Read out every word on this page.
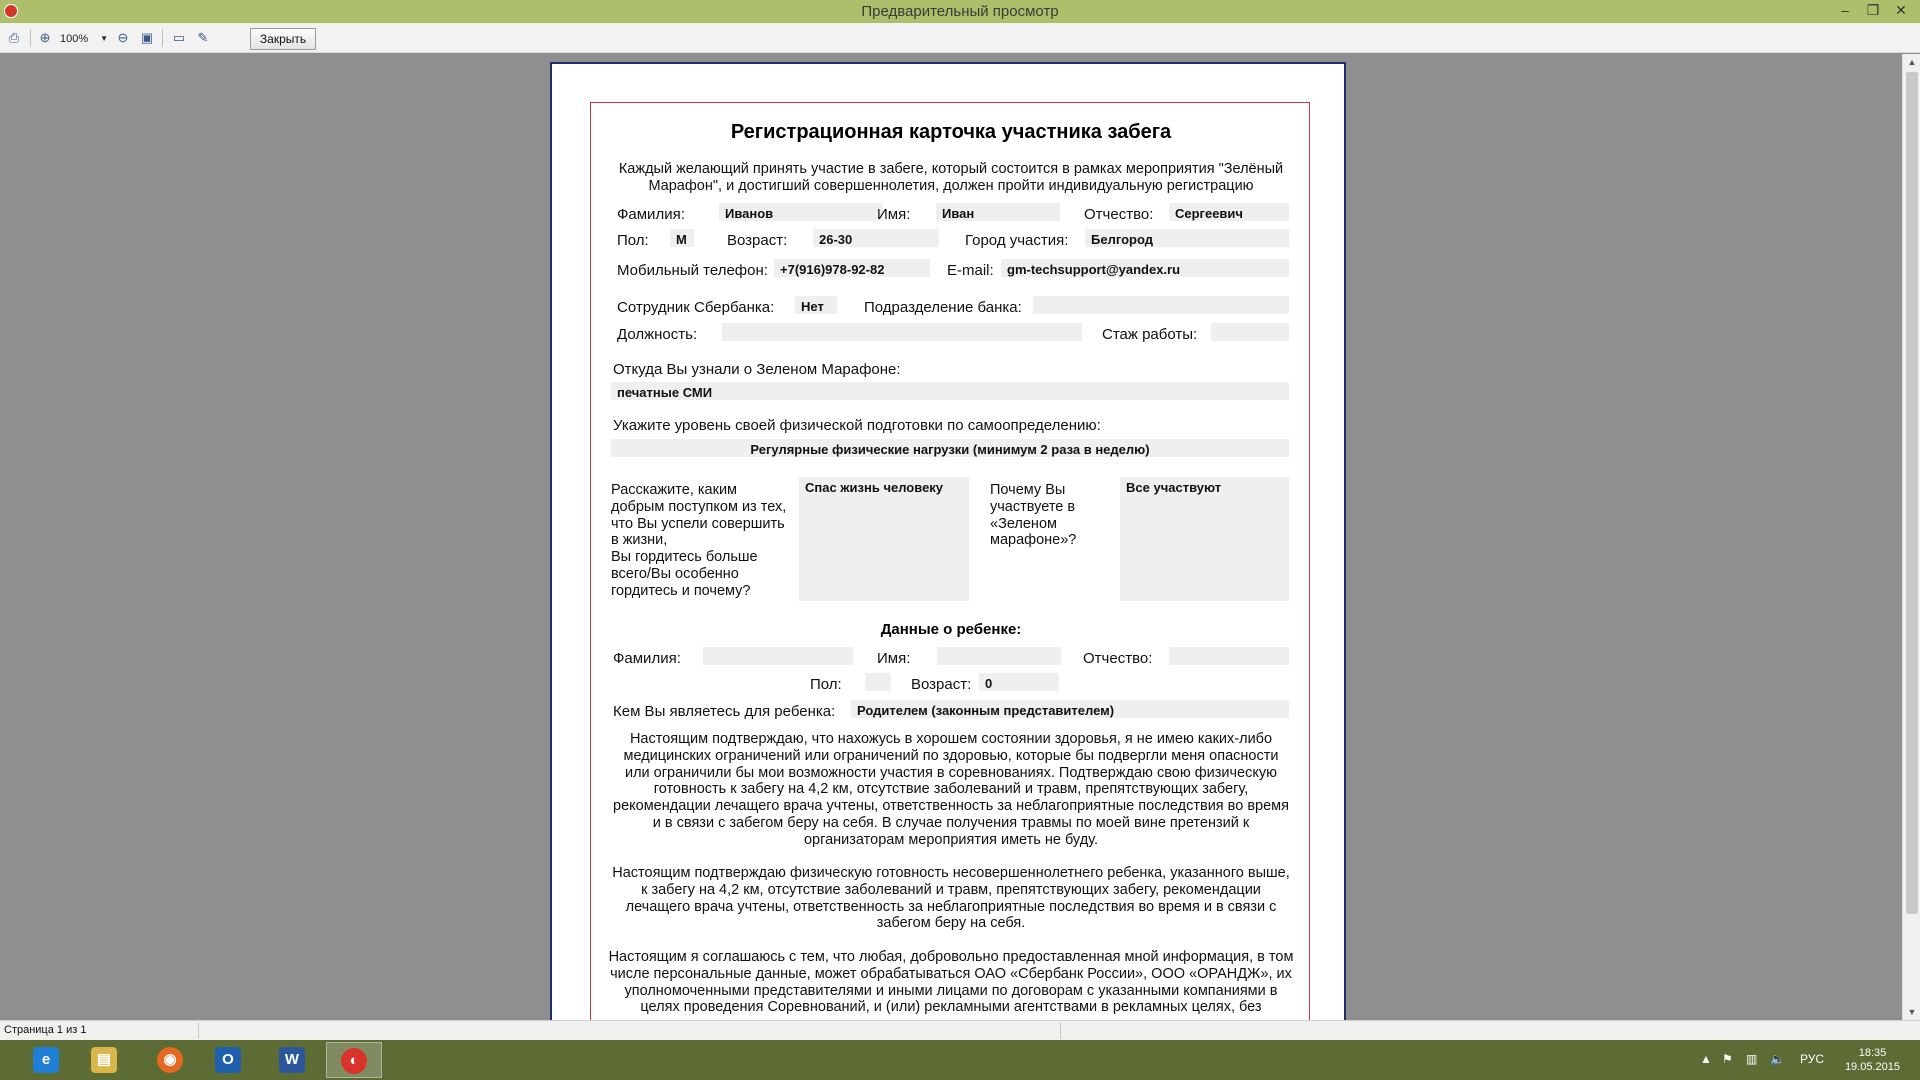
Предварительный просмотр	–	❐	✕
⎙ ⊕ 100% ▼ ⊖ ▣ ▭ ✎	Закрыть
Регистрационная карточка участника забега
Каждый желающий принять участие в забеге, который состоится в рамках мероприятия "Зелёный
Марафон", и достигший совершеннолетия, должен пройти индивидуальную регистрацию
Фамилия:	Иванов	Имя:	Иван	Отчество:	Сергеевич
Пол:	М	Возраст:	26-30	Город участия:	Белгород
Мобильный телефон: +7(916)978-92-82	E-mail:	gm-techsupport@yandex.ru
Сотрудник Сбербанка:	Нет	Подразделение банка:
Должность:	Стаж работы:
Откуда Вы узнали о Зеленом Марафоне:
печатные СМИ
Укажите уровень своей физической подготовки по самоопределению:
Регулярные физические нагрузки (минимум 2 раза в неделю)
Расскажите, каким
добрым поступком из тех,
что Вы успели совершить
в жизни,
Вы гордитесь больше
всего/Вы особенно
гордитесь и почему?
Спас жизнь человеку	Почему Вы
участвуете в
«Зеленом
марафоне»?
Все участвуют
Данные о ребенке:
Фамилия:	Имя:	Отчество:
Пол:	Возраст:	0
Кем Вы являетесь для ребенка:	Родителем (законным представителем)
Настоящим подтверждаю, что нахожусь в хорошем состоянии здоровья, я не имею каких-либо
медицинских ограничений или ограничений по здоровью, которые бы подвергли меня опасности
или ограничили бы мои возможности участия в соревнованиях. Подтверждаю свою физическую
готовность к забегу на 4,2 км, отсутствие заболеваний и травм, препятствующих забегу,
рекомендации лечащего врача учтены, ответственность за неблагоприятные последствия во время
и в связи с забегом беру на себя. В случае получения травмы по моей вине претензий к
организаторам мероприятия иметь не буду.
Настоящим подтверждаю физическую готовность несовершеннолетнего ребенка, указанного выше,
к забегу на 4,2 км, отсутствие заболеваний и травм, препятствующих забегу, рекомендации
лечащего врача учтены, ответственность за неблагоприятные последствия во время и в связи с
забегом беру на себя.
Настоящим я соглашаюсь с тем, что любая, добровольно предоставленная мной информация, в том
числе персональные данные, может обрабатываться ОАО «Сбербанк России», ООО «ОРАНДЖ», их
уполномоченными представителями и иными лицами по договорам с указанными компаниями в
целях проведения Соревнований, и (или) рекламными агентствами в рекламных целях, без
▲
▼
Страница 1 из 1
e	▤	◉	O	W	◐	▲ ⚑ ▥ 🔈 РУС	18:35
19.05.2015
